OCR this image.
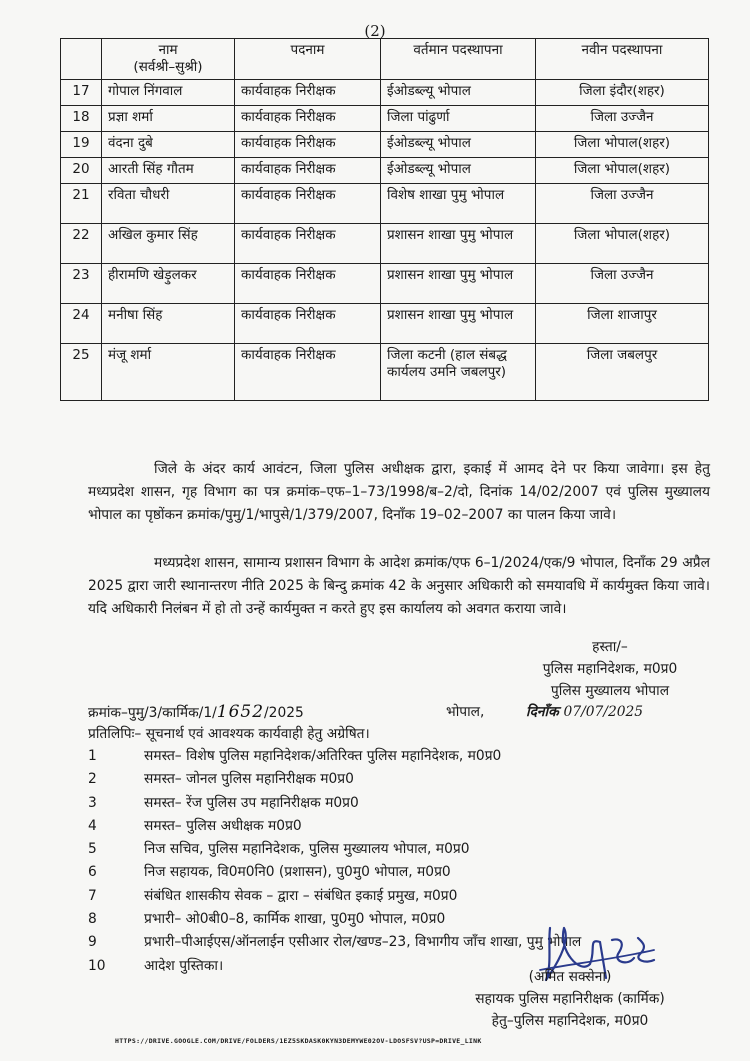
(2)

	नाम
(सर्वश्री–सुश्री)	पदनाम	वर्तमान पदस्थापना	नवीन पदस्थापना
17	गोपाल निंगवाल	कार्यवाहक निरीक्षक	ईओडब्ल्यू भोपाल	जिला इंदौर(शहर)
18	प्रज्ञा शर्मा	कार्यवाहक निरीक्षक	जिला पांढुर्णा	जिला उज्जैन
19	वंदना दुबे	कार्यवाहक निरीक्षक	ईओडब्ल्यू भोपाल	जिला भोपाल(शहर)
20	आरती सिंह गौतम	कार्यवाहक निरीक्षक	ईओडब्ल्यू भोपाल	जिला भोपाल(शहर)
21	रविता चौधरी	कार्यवाहक निरीक्षक	विशेष शाखा पुमु भोपाल	जिला उज्जैन
22	अखिल कुमार सिंह	कार्यवाहक निरीक्षक	प्रशासन शाखा पुमु भोपाल	जिला भोपाल(शहर)
23	हीरामणि खेड़ुलकर	कार्यवाहक निरीक्षक	प्रशासन शाखा पुमु भोपाल	जिला उज्जैन
24	मनीषा सिंह	कार्यवाहक निरीक्षक	प्रशासन शाखा पुमु भोपाल	जिला शाजापुर
25	मंजू शर्मा	कार्यवाहक निरीक्षक	जिला कटनी (हाल संबद्ध कार्यलय उमनि जबलपुर)	जिला जबलपुर
जिले के अंदर कार्य आवंटन, जिला पुलिस अधीक्षक द्वारा, इकाई में आमद देने पर किया जावेगा। इस हेतु मध्यप्रदेश शासन, गृह विभाग का पत्र क्रमांक–एफ–1–73/1998/ब–2/दो, दिनांक 14/02/2007 एवं पुलिस मुख्यालय भोपाल का पृष्ठोंकन क्रमांक/पुमु/1/भापुसे/1/379/2007, दिनाँक 19–02–2007 का पालन किया जावे।
मध्यप्रदेश शासन, सामान्य प्रशासन विभाग के आदेश क्रमांक/एफ 6–1/2024/एक/9 भोपाल, दिनाँक 29 अप्रैल 2025 द्वारा जारी स्थानान्तरण नीति 2025 के बिन्दु क्रमांक 42 के अनुसार अधिकारी को समयावधि में कार्यमुक्त किया जावे। यदि अधिकारी निलंबन में हो तो उन्हें कार्यमुक्त न करते हुए इस कार्यालय को अवगत कराया जावे।
हस्ता/–
पुलिस महानिदेशक, म0प्र0
पुलिस मुख्यालय भोपाल
क्रमांक–पुमु/3/कार्मिक/1/1652/2025	भोपाल,	दिनाँक 07/07/2025
प्रतिलिपिः– सूचनार्थ एवं आवश्यक कार्यवाही हेतु अग्रेषित।
1	समस्त– विशेष पुलिस महानिदेशक/अतिरिक्त पुलिस महानिदेशक, म0प्र0
2	समस्त– जोनल पुलिस महानिरीक्षक म0प्र0
3	समस्त– रेंज पुलिस उप महानिरीक्षक म0प्र0
4	समस्त– पुलिस अधीक्षक म0प्र0
5	निज सचिव, पुलिस महानिदेशक, पुलिस मुख्यालय भोपाल, म0प्र0
6	निज सहायक, वि0म0नि0 (प्रशासन), पु0मु0 भोपाल, म0प्र0
7	संबंधित शासकीय सेवक – द्वारा – संबंधित इकाई प्रमुख, म0प्र0
8	प्रभारी– ओ0बी0–8, कार्मिक शाखा, पु0मु0 भोपाल, म0प्र0
9	प्रभारी–पीआईएस/ऑनलाईन एसीआर रोल/खण्ड–23, विभागीय जाँच शाखा, पुमु भोपाल
10	आदेश पुस्तिका।
(अमित सक्सेना)
सहायक पुलिस महानिरीक्षक (कार्मिक)
हेतु–पुलिस महानिदेशक, म0प्र0
HTTPS://DRIVE.GOOGLE.COM/DRIVE/FOLDERS/1EZ5SKDASK0KYN3DEMYWE02OV-LDOSFSV?USP=DRIVE_LINK
